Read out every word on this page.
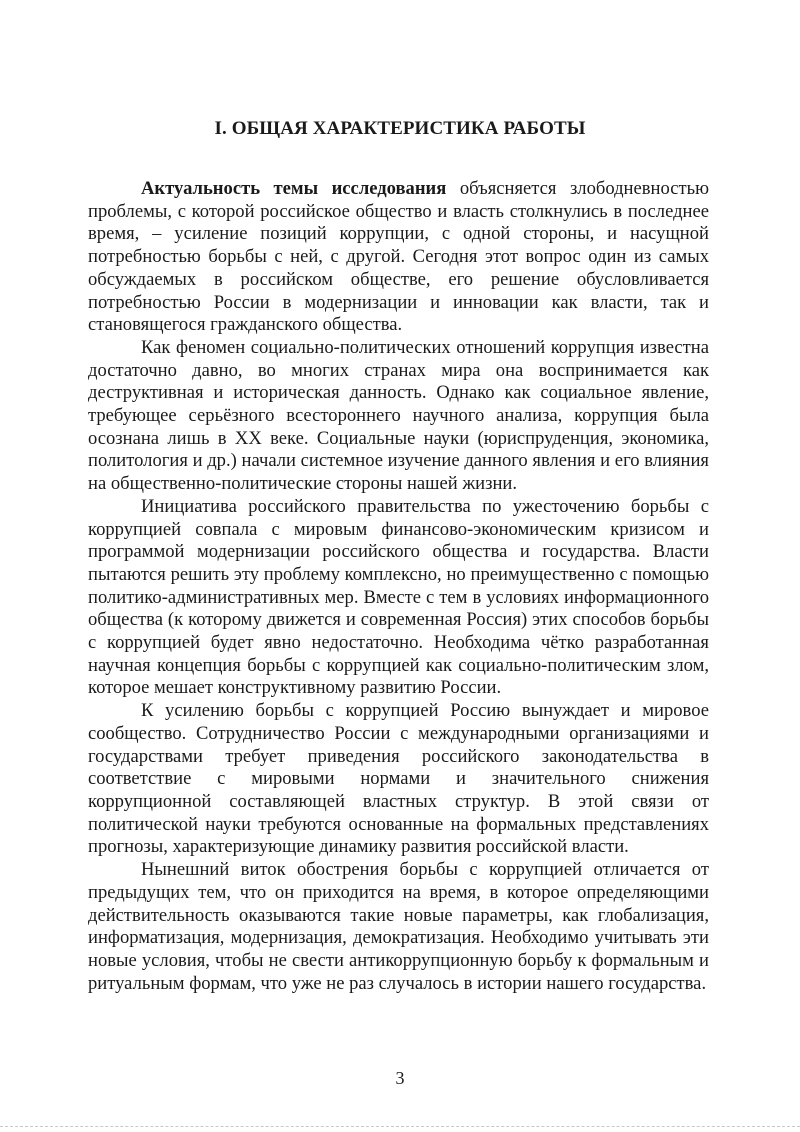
I. ОБЩАЯ ХАРАКТЕРИСТИКА РАБОТЫ

Актуальность темы исследования объясняется злободневностью проблемы, с которой российское общество и власть столкнулись в последнее время, – усиление позиций коррупции, с одной стороны, и насущной потребностью борьбы с ней, с другой. Сегодня этот вопрос один из самых обсуждаемых в российском обществе, его решение обусловливается потребностью России в модернизации и инновации как власти, так и становящегося гражданского общества.

Как феномен социально-политических отношений коррупция известна достаточно давно, во многих странах мира она воспринимается как деструктивная и историческая данность. Однако как социальное явление, требующее серьёзного всестороннего научного анализа, коррупция была осознана лишь в XX веке. Социальные науки (юриспруденция, экономика, политология и др.) начали системное изучение данного явления и его влияния на общественно-политические стороны нашей жизни.

Инициатива российского правительства по ужесточению борьбы с коррупцией совпала с мировым финансово-экономическим кризисом и программой модернизации российского общества и государства. Власти пытаются решить эту проблему комплексно, но преимущественно с помощью политико-административных мер. Вместе с тем в условиях информационного общества (к которому движется и современная Россия) этих способов борьбы с коррупцией будет явно недостаточно. Необходима чётко разработанная научная концепция борьбы с коррупцией как социально-политическим злом, которое мешает конструктивному развитию России.

К усилению борьбы с коррупцией Россию вынуждает и мировое сообщество. Сотрудничество России с международными организациями и государствами требует приведения российского законодательства в соответствие с мировыми нормами и значительного снижения коррупционной составляющей властных структур. В этой связи от политической науки требуются основанные на формальных представлениях прогнозы, характеризующие динамику развития российской власти.

Нынешний виток обострения борьбы с коррупцией отличается от предыдущих тем, что он приходится на время, в которое определяющими действительность оказываются такие новые параметры, как глобализация, информатизация, модернизация, демократизация. Необходимо учитывать эти новые условия, чтобы не свести антикоррупционную борьбу к формальным и ритуальным формам, что уже не раз случалось в истории нашего государства.

3
